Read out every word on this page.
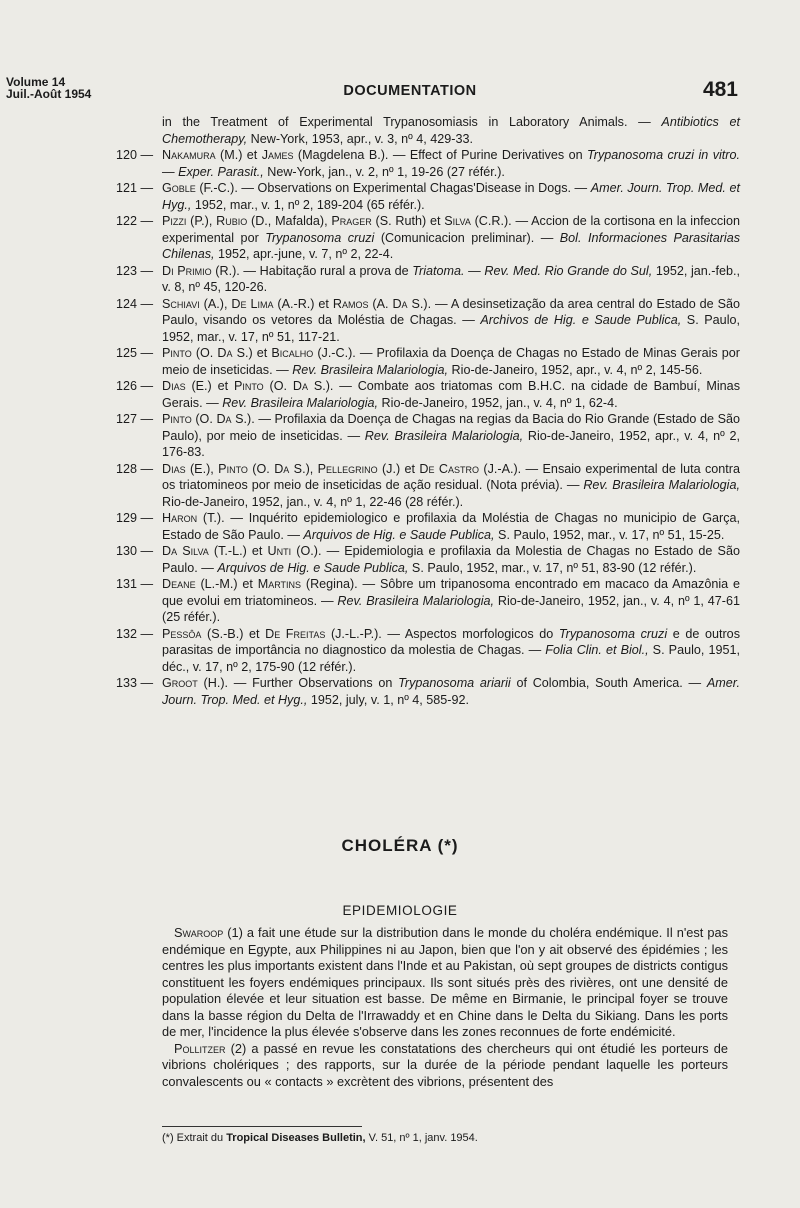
Volume 14
Juil.-Août 1954	DOCUMENTATION	481
in the Treatment of Experimental Trypanosomiasis in Laboratory Animals. — Antibiotics et Chemotherapy, New-York, 1953, apr., v. 3, nº 4, 429-33.
120 — Nakamura (M.) et James (Magdelena B.). — Effect of Purine Derivatives on Trypanosoma cruzi in vitro. — Exper. Parasit., New-York, jan., v. 2, nº 1, 19-26 (27 référ.).
121 — Goble (F.-C.). — Observations on Experimental Chagas'Disease in Dogs. — Amer. Journ. Trop. Med. et Hyg., 1952, mar., v. 1, nº 2, 189-204 (65 référ.).
122 — Pizzi (P.), Rubio (D., Mafalda), Prager (S. Ruth) et Silva (C.R.). — Accion de la cortisona en la infeccion experimental por Trypanosoma cruzi (Comunicacion preliminar). — Bol. Informaciones Parasitarias Chilenas, 1952, apr.-june, v. 7, nº 2, 22-4.
123 — Di Primio (R.). — Habitação rural a prova de Triatoma. — Rev. Med. Rio Grande do Sul, 1952, jan.-feb., v. 8, nº 45, 120-26.
124 — Schiavi (A.), De Lima (A.-R.) et Ramos (A. Da S.). — A desinsetização da area central do Estado de São Paulo, visando os vetores da Moléstia de Chagas. — Archivos de Hig. e Saude Publica, S. Paulo, 1952, mar., v. 17, nº 51, 117-21.
125 — Pinto (O. Da S.) et Bicalho (J.-C.). — Profilaxia da Doença de Chagas no Estado de Minas Gerais por meio de inseticidas. — Rev. Brasileira Malariologia, Rio-de-Janeiro, 1952, apr., v. 4, nº 2, 145-56.
126 — Dias (E.) et Pinto (O. Da S.). — Combate aos triatomas com B.H.C. na cidade de Bambuí, Minas Gerais. — Rev. Brasileira Malariologia, Rio-de-Janeiro, 1952, jan., v. 4, nº 1, 62-4.
127 — Pinto (O. Da S.). — Profilaxia da Doença de Chagas na regias da Bacia do Rio Grande (Estado de São Paulo), por meio de inseticidas. — Rev. Brasileira Malariologia, Rio-de-Janeiro, 1952, apr., v. 4, nº 2, 176-83.
128 — Dias (E.), Pinto (O. Da S.), Pellegrino (J.) et De Castro (J.-A.). — Ensaio experimental de luta contra os triatomineos por meio de inseticidas de ação residual. (Nota prévia). — Rev. Brasileira Malariologia, Rio-de-Janeiro, 1952, jan., v. 4, nº 1, 22-46 (28 référ.).
129 — Haron (T.). — Inquérito epidemiologico e profilaxia da Moléstia de Chagas no municipio de Garça, Estado de São Paulo. — Arquivos de Hig. e Saude Publica, S. Paulo, 1952, mar., v. 17, nº 51, 15-25.
130 — Da Silva (T.-L.) et Unti (O.). — Epidemiologia e profilaxia da Molestia de Chagas no Estado de São Paulo. — Arquivos de Hig. e Saude Publica, S. Paulo, 1952, mar., v. 17, nº 51, 83-90 (12 référ.).
131 — Deane (L.-M.) et Martins (Regina). — Sôbre um tripanosoma encontrado em macaco da Amazônia e que evolui em triatomineos. — Rev. Brasileira Malariologia, Rio-de-Janeiro, 1952, jan., v. 4, nº 1, 47-61 (25 référ.).
132 — Pessôa (S.-B.) et De Freitas (J.-L.-P.). — Aspectos morfologicos do Trypanosoma cruzi e de outros parasitas de importância no diagnostico da molestia de Chagas. — Folia Clin. et Biol., S. Paulo, 1951, déc., v. 17, nº 2, 175-90 (12 référ.).
133 — Groot (H.). — Further Observations on Trypanosoma ariarii of Colombia, South America. — Amer. Journ. Trop. Med. et Hyg., 1952, july, v. 1, nº 4, 585-92.
CHOLÉRA (*)
EPIDEMIOLOGIE

Swaroop (1) a fait une étude sur la distribution dans le monde du choléra endémique. Il n'est pas endémique en Egypte, aux Philippines ni au Japon, bien que l'on y ait observé des épidémies ; les centres les plus importants existent dans l'Inde et au Pakistan, où sept groupes de districts contigus constituent les foyers endémiques principaux. Ils sont situés près des rivières, ont une densité de population élevée et leur situation est basse. De même en Birmanie, le principal foyer se trouve dans la basse région du Delta de l'Irrawaddy et en Chine dans le Delta du Sikiang. Dans les ports de mer, l'incidence la plus élevée s'observe dans les zones reconnues de forte endémicité.

Pollitzer (2) a passé en revue les constatations des chercheurs qui ont étudié les porteurs de vibrions cholériques ; des rapports, sur la durée de la période pendant laquelle les porteurs convalescents ou « contacts » excrètent des vibrions, présentent des

(*) Extrait du Tropical Diseases Bulletin, V. 51, nº 1, janv. 1954.
